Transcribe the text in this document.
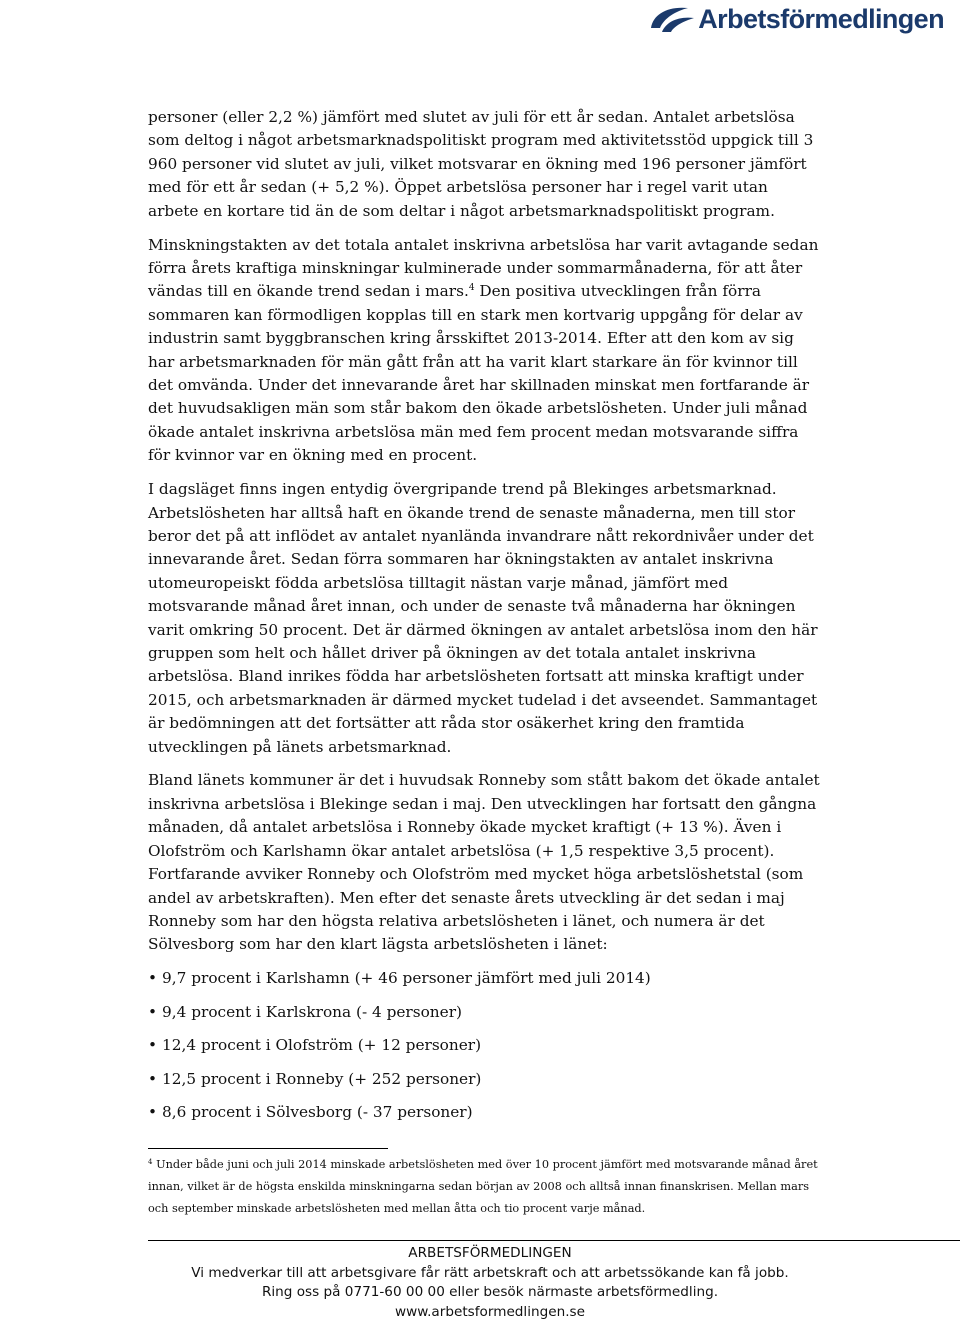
Arbetsförmedlingen

personer (eller 2,2 %) jämfört med slutet av juli för ett år sedan. Antalet arbetslösa som deltog i något arbetsmarknadspolitiskt program med aktivitetsstöd uppgick till 3 960 personer vid slutet av juli, vilket motsvarar en ökning med 196 personer jämfört med för ett år sedan (+ 5,2 %). Öppet arbetslösa personer har i regel varit utan arbete en kortare tid än de som deltar i något arbetsmarknadspolitiskt program.

Minskningstakten av det totala antalet inskrivna arbetslösa har varit avtagande sedan förra årets kraftiga minskningar kulminerade under sommarmånaderna, för att åter vändas till en ökande trend sedan i mars.$^4$ Den positiva utvecklingen från förra sommaren kan förmodligen kopplas till en stark men kortvarig uppgång för delar av industrin samt byggbranschen kring årsskiftet 2013-2014. Efter att den kom av sig har arbetsmarknaden för män gått från att ha varit klart starkare än för kvinnor till det omvända. Under det innevarande året har skillnaden minskat men fortfarande är det huvudsakligen män som står bakom den ökade arbetslösheten. Under juli månad ökade antalet inskrivna arbetslösa män med fem procent medan motsvarande siffra för kvinnor var en ökning med en procent.

I dagsläget finns ingen entydig övergripande trend på Blekinges arbetsmarknad. Arbetslösheten har alltså haft en ökande trend de senaste månaderna, men till stor beror det på att inflödet av antalet nyanlända invandrare nått rekordnivåer under det innevarande året. Sedan förra sommaren har ökningstakten av antalet inskrivna utomeuropeiskt födda arbetslösa tilltagit nästan varje månad, jämfört med motsvarande månad året innan, och under de senaste två månaderna har ökningen varit omkring 50 procent. Det är därmed ökningen av antalet arbetslösa inom den här gruppen som helt och hållet driver på ökningen av det totala antalet inskrivna arbetslösa. Bland inrikes födda har arbetslösheten fortsatt att minska kraftigt under 2015, och arbetsmarknaden är därmed mycket tudelad i det avseendet. Sammantaget är bedömningen att det fortsätter att råda stor osäkerhet kring den framtida utvecklingen på länets arbetsmarknad.

Bland länets kommuner är det i huvudsak Ronneby som stått bakom det ökade antalet inskrivna arbetslösa i Blekinge sedan i maj. Den utvecklingen har fortsatt den gångna månaden, då antalet arbetslösa i Ronneby ökade mycket kraftigt (+ 13 %). Även i Olofström och Karlshamn ökar antalet arbetslösa (+ 1,5 respektive 3,5 procent). Fortfarande avviker Ronneby och Olofström med mycket höga arbetslöshetstal (som andel av arbetskraften). Men efter det senaste årets utveckling är det sedan i maj Ronneby som har den högsta relativa arbetslösheten i länet, och numera är det Sölvesborg som har den klart lägsta arbetslösheten i länet:

• 9,7 procent i Karlshamn (+ 46 personer jämfört med juli 2014)
• 9,4 procent i Karlskrona (- 4 personer)
• 12,4 procent i Olofström (+ 12 personer)
• 12,5 procent i Ronneby (+ 252 personer)
• 8,6 procent i Sölvesborg (- 37 personer)
$^4$ Under både juni och juli 2014 minskade arbetslösheten med över 10 procent jämfört med motsvarande månad året innan, vilket är de högsta enskilda minskningarna sedan början av 2008 och alltså innan finanskrisen. Mellan mars och september minskade arbetslösheten med mellan åtta och tio procent varje månad.
ARBETSFÖRMEDLINGEN
Vi medverkar till att arbetsgivare får rätt arbetskraft och att arbetssökande kan få jobb.
Ring oss på 0771-60 00 00 eller besök närmaste arbetsförmedling.
www.arbetsformedlingen.se
